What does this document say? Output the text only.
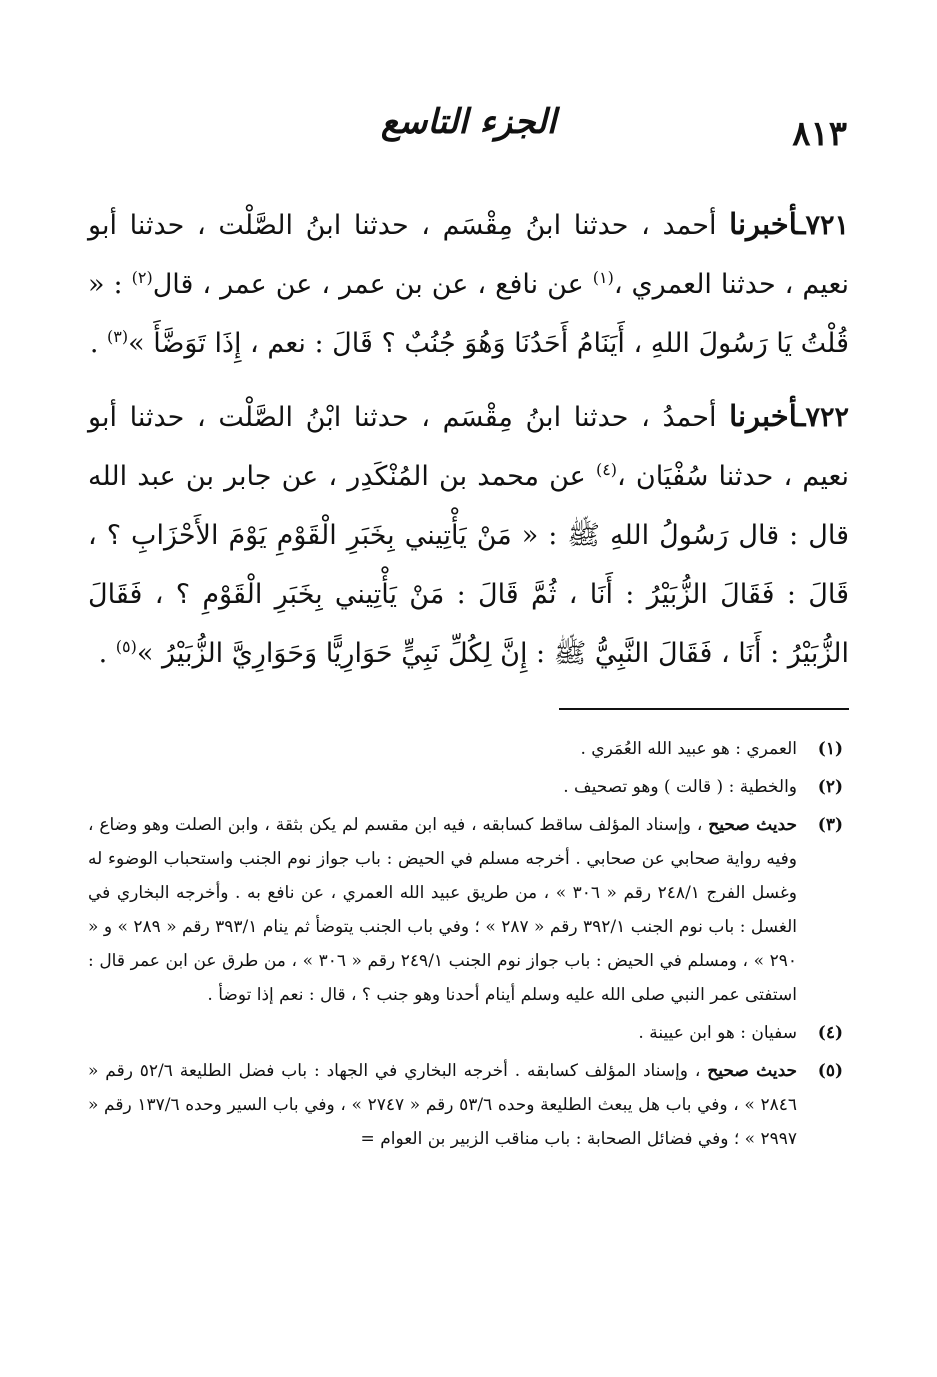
٨١٣
الجزء التاسع

٧٢١ـأخبرنا أحمد ، حدثنا ابنُ مِقْسَم ، حدثنا ابنُ الصَّلْت ، حدثنا أبو نعيم ، حدثنا العمري ،$^{(١)}$ عن نافع ، عن بن عمر ، عن عمر ، قال$^{(٢)}$ : « قُلْتُ يَا رَسُولَ اللهِ ، أَيَنَامُ أَحَدُنَا وَهُوَ جُنُبٌ ؟ قَالَ : نعم ، إِذَا تَوَضَّأَ »$^{(٣)}$ .

٧٢٢ـأخبرنا أحمدُ ، حدثنا ابنُ مِقْسَم ، حدثنا ابْنُ الصَّلْت ، حدثنا أبو نعيم ، حدثنا سُفْيَان ،$^{(٤)}$ عن محمد بن المُنْكَدِر ، عن جابر بن عبد الله قال : قال رَسُولُ اللهِ ﷺ : « مَنْ يَأْتِيني بِخَبَرِ الْقَوْمِ يَوْمَ الأَحْزَابِ ؟ ، قَالَ : فَقَالَ الزُّبَيْرُ : أَنَا ، ثُمَّ قَالَ : مَنْ يَأْتِيني بِخَبَرِ الْقَوْمِ ؟ ، فَقَالَ الزُّبَيْرُ : أَنَا ، فَقَالَ النَّبِيُّ ﷺ : إِنَّ لِكُلِّ نَبِيٍّ حَوَارِيًّا وَحَوَارِيَّ الزُّبَيْرُ »$^{(٥)}$ .

(١)
العمري : هو عبيد الله العُمَري .
(٢)
والخطية : ( قالت ) وهو تصحيف .
(٣)
حديث صحيح ، وإسناد المؤلف ساقط كسابقه ، فيه ابن مقسم لم يكن بثقة ، وابن الصلت وهو وضاع ، وفيه رواية صحابي عن صحابي . أخرجه مسلم في الحيض : باب جواز نوم الجنب واستحباب الوضوء له وغسل الفرج ٢٤٨/١ رقم « ٣٠٦ » ، من طريق عبيد الله العمري ، عن نافع به . وأخرجه البخاري في الغسل : باب نوم الجنب ٣٩٢/١ رقم « ٢٨٧ » ؛ وفي باب الجنب يتوضأ ثم ينام ٣٩٣/١ رقم « ٢٨٩ » و « ٢٩٠ » ، ومسلم في الحيض : باب جواز نوم الجنب ٢٤٩/١ رقم « ٣٠٦ » ، من طرق عن ابن عمر قال : استفتى عمر النبي صلى الله عليه وسلم أينام أحدنا وهو جنب ؟ ، قال : نعم إذا توضأ .
(٤)
سفيان : هو ابن عيينة .
(٥)
حديث صحيح ، وإسناد المؤلف كسابقه . أخرجه البخاري في الجهاد : باب فضل الطليعة ٥٢/٦ رقم « ٢٨٤٦ » ، وفي باب هل يبعث الطليعة وحده ٥٣/٦ رقم « ٢٧٤٧ » ، وفي باب السير وحده ١٣٧/٦ رقم « ٢٩٩٧ » ؛ وفي فضائل الصحابة : باب مناقب الزبير بن العوام =
